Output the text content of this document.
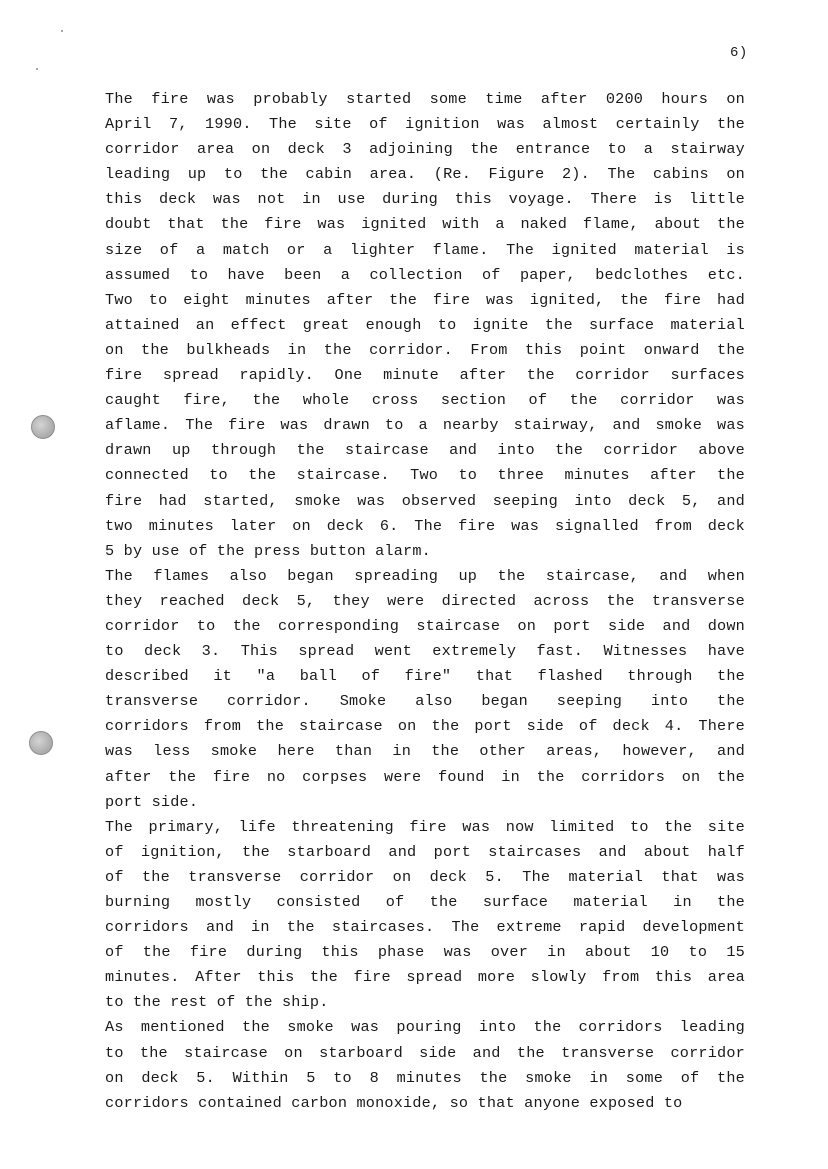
6)
The fire was probably started some time after 0200 hours on
April 7, 1990. The site of ignition was almost certainly the
corridor area on deck 3 adjoining the entrance to a stairway
leading up to the cabin area. (Re. Figure 2). The cabins on
this deck was not in use during this voyage. There is little
doubt that the fire was ignited with a naked flame, about the
size of a match or a lighter flame. The ignited material is
assumed to have been a collection of paper, bedclothes etc.
Two to eight minutes after the fire was ignited, the fire had
attained an effect great enough to ignite the surface material
on the bulkheads in the corridor. From this point onward the
fire spread rapidly. One minute after the corridor surfaces
caught fire, the whole cross section of the corridor was
aflame. The fire was drawn to a nearby stairway, and smoke was
drawn up through the staircase and into the corridor above
connected to the staircase. Two to three minutes after the
fire had started, smoke was observed seeping into deck 5, and
two minutes later on deck 6. The fire was signalled from deck
5 by use of the press button alarm.
The flames also began spreading up the staircase, and when
they reached deck 5, they were directed across the transverse
corridor to the corresponding staircase on port side and down
to deck 3. This spread went extremely fast. Witnesses have
described it "a ball of fire" that flashed through the
transverse corridor. Smoke also began seeping into the
corridors from the staircase on the port side of deck 4. There
was less smoke here than in the other areas, however, and
after the fire no corpses were found in the corridors on the
port side.
The primary, life threatening fire was now limited to the site
of ignition, the starboard and port staircases and about half
of the transverse corridor on deck 5. The material that was
burning mostly consisted of the surface material in the
corridors and in the staircases. The extreme rapid development
of the fire during this phase was over in about 10 to 15
minutes. After this the fire spread more slowly from this area
to the rest of the ship.
As mentioned the smoke was pouring into the corridors leading
to the staircase on starboard side and the transverse corridor
on deck 5. Within 5 to 8 minutes the smoke in some of the
corridors contained carbon monoxide, so that anyone exposed to
